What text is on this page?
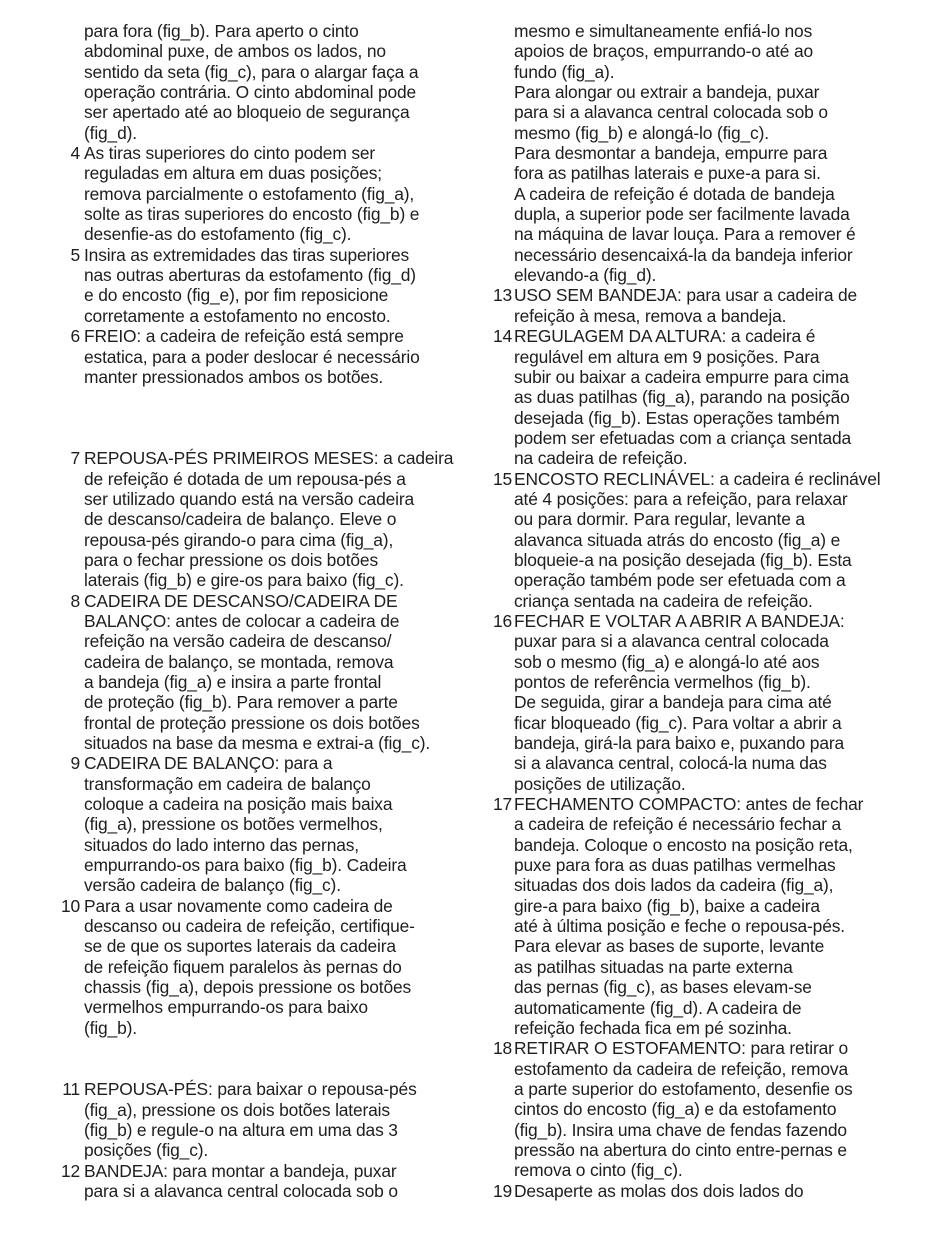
para fora (fig_b). Para aperto o cinto
abdominal puxe, de ambos os lados, no
sentido da seta (fig_c), para o alargar faça a
operação contrária. O cinto abdominal pode
ser apertado até ao bloqueio de segurança
(fig_d).

4 As tiras superiores do cinto podem ser
reguladas em altura em duas posições;
remova parcialmente o estofamento (fig_a),
solte as tiras superiores do encosto (fig_b) e
desenfie-as do estofamento (fig_c).
5 Insira as extremidades das tiras superiores
nas outras aberturas da estofamento (fig_d)
e do encosto (fig_e), por fim reposicione
corretamente a estofamento no encosto.
6 FREIO: a cadeira de refeição está sempre
estatica, para a poder deslocar é necessário
manter pressionados ambos os botões.
7 REPOUSA-PÉS PRIMEIROS MESES: a cadeira
de refeição é dotada de um repousa-pés a
ser utilizado quando está na versão cadeira
de descanso/cadeira de balanço. Eleve o
repousa-pés girando-o para cima (fig_a),
para o fechar pressione os dois botões
laterais (fig_b) e gire-os para baixo (fig_c).
8 CADEIRA DE DESCANSO/CADEIRA DE
BALANÇO: antes de colocar a cadeira de
refeição na versão cadeira de descanso/
cadeira de balanço, se montada, remova
a bandeja (fig_a) e insira a parte frontal
de proteção (fig_b). Para remover a parte
frontal de proteção pressione os dois botões
situados na base da mesma e extrai-a (fig_c).
9 CADEIRA DE BALANÇO: para a
transformação em cadeira de balanço
coloque a cadeira na posição mais baixa
(fig_a), pressione os botões vermelhos,
situados do lado interno das pernas,
empurrando-os para baixo (fig_b). Cadeira
versão cadeira de balanço (fig_c).
10 Para a usar novamente como cadeira de
descanso ou cadeira de refeição, certifique-
se de que os suportes laterais da cadeira
de refeição fiquem paralelos às pernas do
chassis (fig_a), depois pressione os botões
vermelhos empurrando-os para baixo
(fig_b).
11 REPOUSA-PÉS: para baixar o repousa-pés
(fig_a), pressione os dois botões laterais
(fig_b) e regule-o na altura em uma das 3
posições (fig_c).
12 BANDEJA: para montar a bandeja, puxar
para si a alavanca central colocada sob o

mesmo e simultaneamente enfiá-lo nos
apoios de braços, empurrando-o até ao
fundo (fig_a).
Para alongar ou extrair a bandeja, puxar
para si a alavanca central colocada sob o
mesmo (fig_b) e alongá-lo (fig_c).
Para desmontar a bandeja, empurre para
fora as patilhas laterais e puxe-a para si.
A cadeira de refeição é dotada de bandeja
dupla, a superior pode ser facilmente lavada
na máquina de lavar louça. Para a remover é
necessário desencaixá-la da bandeja inferior
elevando-a (fig_d).

13 USO SEM BANDEJA: para usar a cadeira de
refeição à mesa, remova a bandeja.
14 REGULAGEM DA ALTURA: a cadeira é
regulável em altura em 9 posições. Para
subir ou baixar a cadeira empurre para cima
as duas patilhas (fig_a), parando na posição
desejada (fig_b). Estas operações também
podem ser efetuadas com a criança sentada
na cadeira de refeição.
15 ENCOSTO RECLINÁVEL: a cadeira é reclinável
até 4 posições: para a refeição, para relaxar
ou para dormir. Para regular, levante a
alavanca situada atrás do encosto (fig_a) e
bloqueie-a na posição desejada (fig_b). Esta
operação também pode ser efetuada com a
criança sentada na cadeira de refeição.
16 FECHAR E VOLTAR A ABRIR A BANDEJA:
puxar para si a alavanca central colocada
sob o mesmo (fig_a) e alongá-lo até aos
pontos de referência vermelhos (fig_b).
De seguida, girar a bandeja para cima até
ficar bloqueado (fig_c). Para voltar a abrir a
bandeja, girá-la para baixo e, puxando para
si a alavanca central, colocá-la numa das
posições de utilização.
17 FECHAMENTO COMPACTO: antes de fechar
a cadeira de refeição é necessário fechar a
bandeja. Coloque o encosto na posição reta,
puxe para fora as duas patilhas vermelhas
situadas dos dois lados da cadeira (fig_a),
gire-a para baixo (fig_b), baixe a cadeira
até à última posição e feche o repousa-pés.
Para elevar as bases de suporte, levante
as patilhas situadas na parte externa
das pernas (fig_c), as bases elevam-se
automaticamente (fig_d). A cadeira de
refeição fechada fica em pé sozinha.
18 RETIRAR O ESTOFAMENTO: para retirar o
estofamento da cadeira de refeição, remova
a parte superior do estofamento, desenfie os
cintos do encosto (fig_a) e da estofamento
(fig_b). Insira uma chave de fendas fazendo
pressão na abertura do cinto entre-pernas e
remova o cinto (fig_c).
19 Desaperte as molas dos dois lados do
